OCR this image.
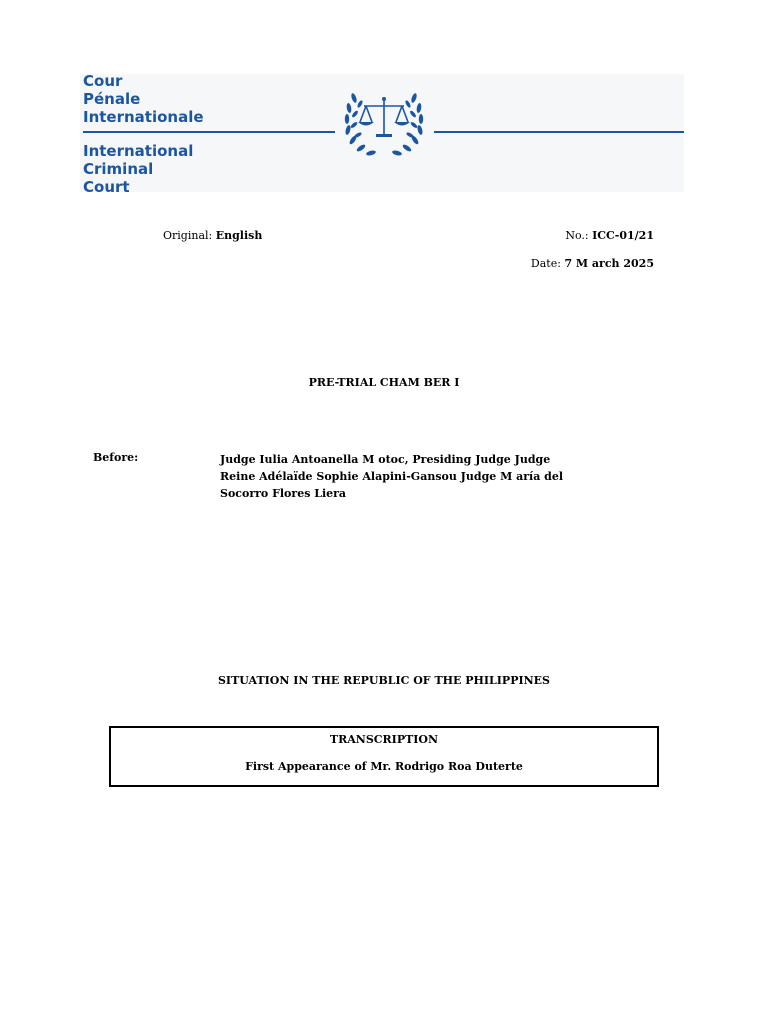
Cour
Pénale
Internationale
International
Criminal
Court
Original: English	No.: ICC-01/21
Date: 7 M arch 2025
PRE-TRIAL CHAM BER I
Before:	Judge Iulia Antoanella M otoc, Presiding Judge Judge Reine Adélaïde Sophie Alapini-Gansou Judge M aría del Socorro Flores Liera
SITUATION IN THE REPUBLIC OF THE PHILIPPINES
TRANSCRIPTION
First Appearance of Mr. Rodrigo Roa Duterte
